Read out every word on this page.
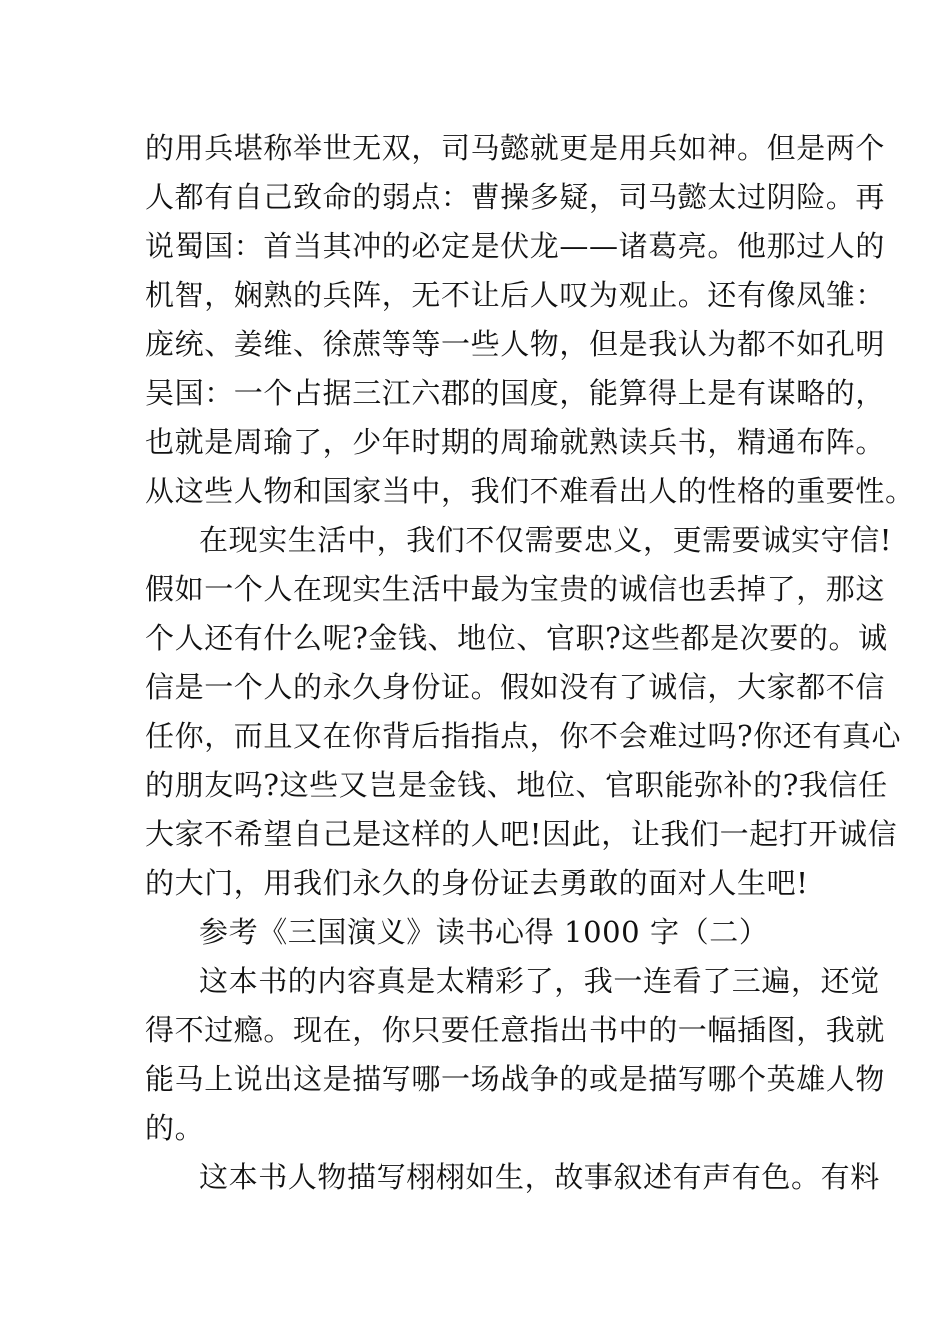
的用兵堪称举世无双，司马懿就更是用兵如神。但是两个
人都有自己致命的弱点：曹操多疑，司马懿太过阴险。再
说蜀国：首当其冲的必定是伏龙——诸葛亮。他那过人的
机智，娴熟的兵阵，无不让后人叹为观止。还有像凤雏：
庞统、姜维、徐蔗等等一些人物，但是我认为都不如孔明
吴国：一个占据三江六郡的国度，能算得上是有谋略的，
也就是周瑜了，少年时期的周瑜就熟读兵书，精通布阵。
从这些人物和国家当中，我们不难看出人的性格的重要性。
在现实生活中，我们不仅需要忠义，更需要诚实守信!
假如一个人在现实生活中最为宝贵的诚信也丢掉了，那这
个人还有什么呢?金钱、地位、官职?这些都是次要的。诚
信是一个人的永久身份证。假如没有了诚信，大家都不信
任你，而且又在你背后指指点，你不会难过吗?你还有真心
的朋友吗?这些又岂是金钱、地位、官职能弥补的?我信任
大家不希望自己是这样的人吧!因此，让我们一起打开诚信
的大门，用我们永久的身份证去勇敢的面对人生吧!
参考《三国演义》读书心得 1000 字（二）
这本书的内容真是太精彩了，我一连看了三遍，还觉
得不过瘾。现在，你只要任意指出书中的一幅插图，我就
能马上说出这是描写哪一场战争的或是描写哪个英雄人物
的。
这本书人物描写栩栩如生，故事叙述有声有色。有料
